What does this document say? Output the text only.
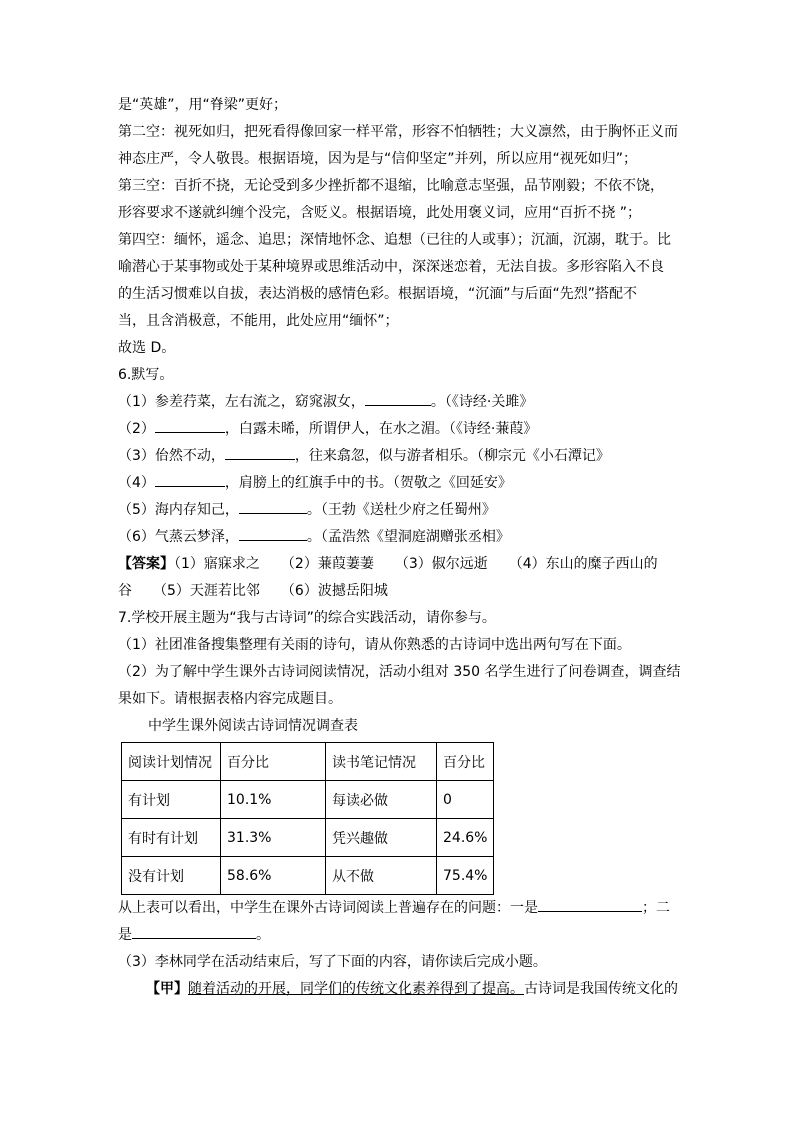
是“英雄”，用“脊梁”更好；
第二空：视死如归，把死看得像回家一样平常，形容不怕牺牲；大义凛然，由于胸怀正义而
神态庄严，令人敬畏。根据语境，因为是与“信仰坚定”并列，所以应用“视死如归”；
第三空：百折不挠，无论受到多少挫折都不退缩，比喻意志坚强，品节刚毅；不依不饶，
形容要求不遂就纠缠个没完，含贬义。根据语境，此处用褒义词，应用“百折不挠 ”；
第四空：缅怀，遥念、追思；深情地怀念、追想（已往的人或事）；沉湎，沉溺，耽于。比
喻潜心于某事物或处于某种境界或思维活动中，深深迷恋着，无法自拔。多形容陷入不良
的生活习惯难以自拔，表达消极的感情色彩。根据语境，“沉湎”与后面“先烈”搭配不
当，且含消极意，不能用，此处应用“缅怀”；
故选 D。
6.默写。
（1）参差荇菜，左右流之，窈窕淑女，	。（《诗经·关雎》
（2）	，白露未晞，所谓伊人，在水之湄。（《诗经·蒹葭》
（3）佁然不动，	，往来翕忽，似与游者相乐。（柳宗元《小石潭记》
（4）	，肩膀上的红旗手中的书。（贺敬之《回延安》
（5）海内存知己，	。（王勃《送杜少府之任蜀州》
（6）气蒸云梦泽，	。（孟浩然《望洞庭湖赠张丞相》
【答案】（1）寤寐求之　　（2）蒹葭萋萋　　（3）俶尔远逝　　（4）东山的糜子西山的
谷　　（5）天涯若比邻　　（6）波撼岳阳城
7.学校开展主题为“我与古诗词”的综合实践活动，请你参与。
（1）社团准备搜集整理有关雨的诗句，请从你熟悉的古诗词中选出两句写在下面。
（2）为了解中学生课外古诗词阅读情况，活动小组对 350 名学生进行了问卷调查，调查结
果如下。请根据表格内容完成题目。
中学生课外阅读古诗词情况调查表
阅读计划情况	百分比	读书笔记情况	百分比
有计划	10.1%	每读必做	0
有时有计划	31.3%	凭兴趣做	24.6%
没有计划	58.6%	从不做	75.4%
从上表可以看出，中学生在课外古诗词阅读上普遍存在的问题：一是	；二
是	。
（3）李林同学在活动结束后，写了下面的内容，请你读后完成小题。
【甲】随着活动的开展，同学们的传统文化素养得到了提高。古诗词是我国传统文化的
